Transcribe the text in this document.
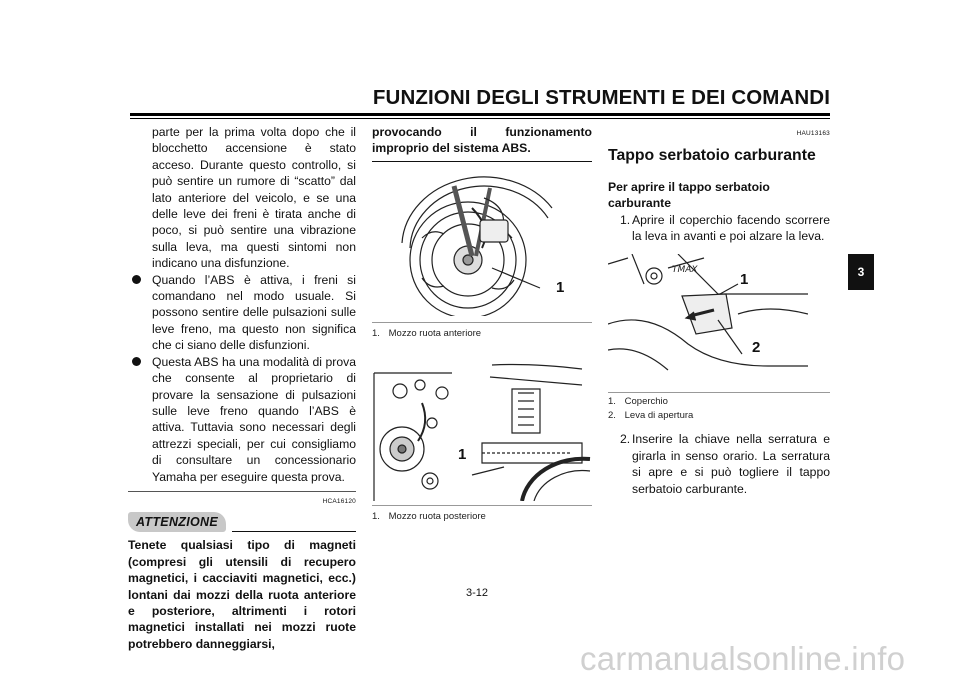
FUNZIONI DEGLI STRUMENTI E DEI COMANDI

parte per la prima volta dopo che il blocchetto accensione è stato acceso. Durante questo controllo, si può sentire un rumore di “scatto” dal lato anteriore del veicolo, e se una delle leve dei freni è tirata anche di poco, si può sentire una vibrazione sulla leva, ma questi sintomi non indicano una disfunzione.

Quando l’ABS è attiva, i freni si comandano nel modo usuale. Si possono sentire delle pulsazioni sulle leve freno, ma questo non significa che ci siano delle disfunzioni.

Questa ABS ha una modalità di prova che consente al proprietario di provare la sensazione di pulsazioni sulle leve freno quando l’ABS è attiva. Tuttavia sono necessari degli attrezzi speciali, per cui consigliamo di consultare un concessionario Yamaha per eseguire questa prova.

HCA16120
ATTENZIONE

Tenete qualsiasi tipo di magneti (compresi gli utensili di recupero magnetici, i cacciaviti magnetici, ecc.) lontani dai mozzi della ruota anteriore e posteriore, altrimenti i rotori magnetici installati nei mozzi ruote potrebbero danneggiarsi,

provocando il funzionamento improprio del sistema ABS.

1
1. Mozzo ruota anteriore
1
1. Mozzo ruota posteriore
HAU13163
Tappo serbatoio carburante
Per aprire il tappo serbatoio carburante
1. Aprire il coperchio facendo scorrere la leva in avanti e poi alzare la leva.
TMAX
1
2
1. Coperchio
2. Leva di apertura
2. Inserire la chiave nella serratura e girarla in senso orario. La serratura si apre e si può togliere il tappo serbatoio carburante.
3
3-12
carmanualsonline.info
